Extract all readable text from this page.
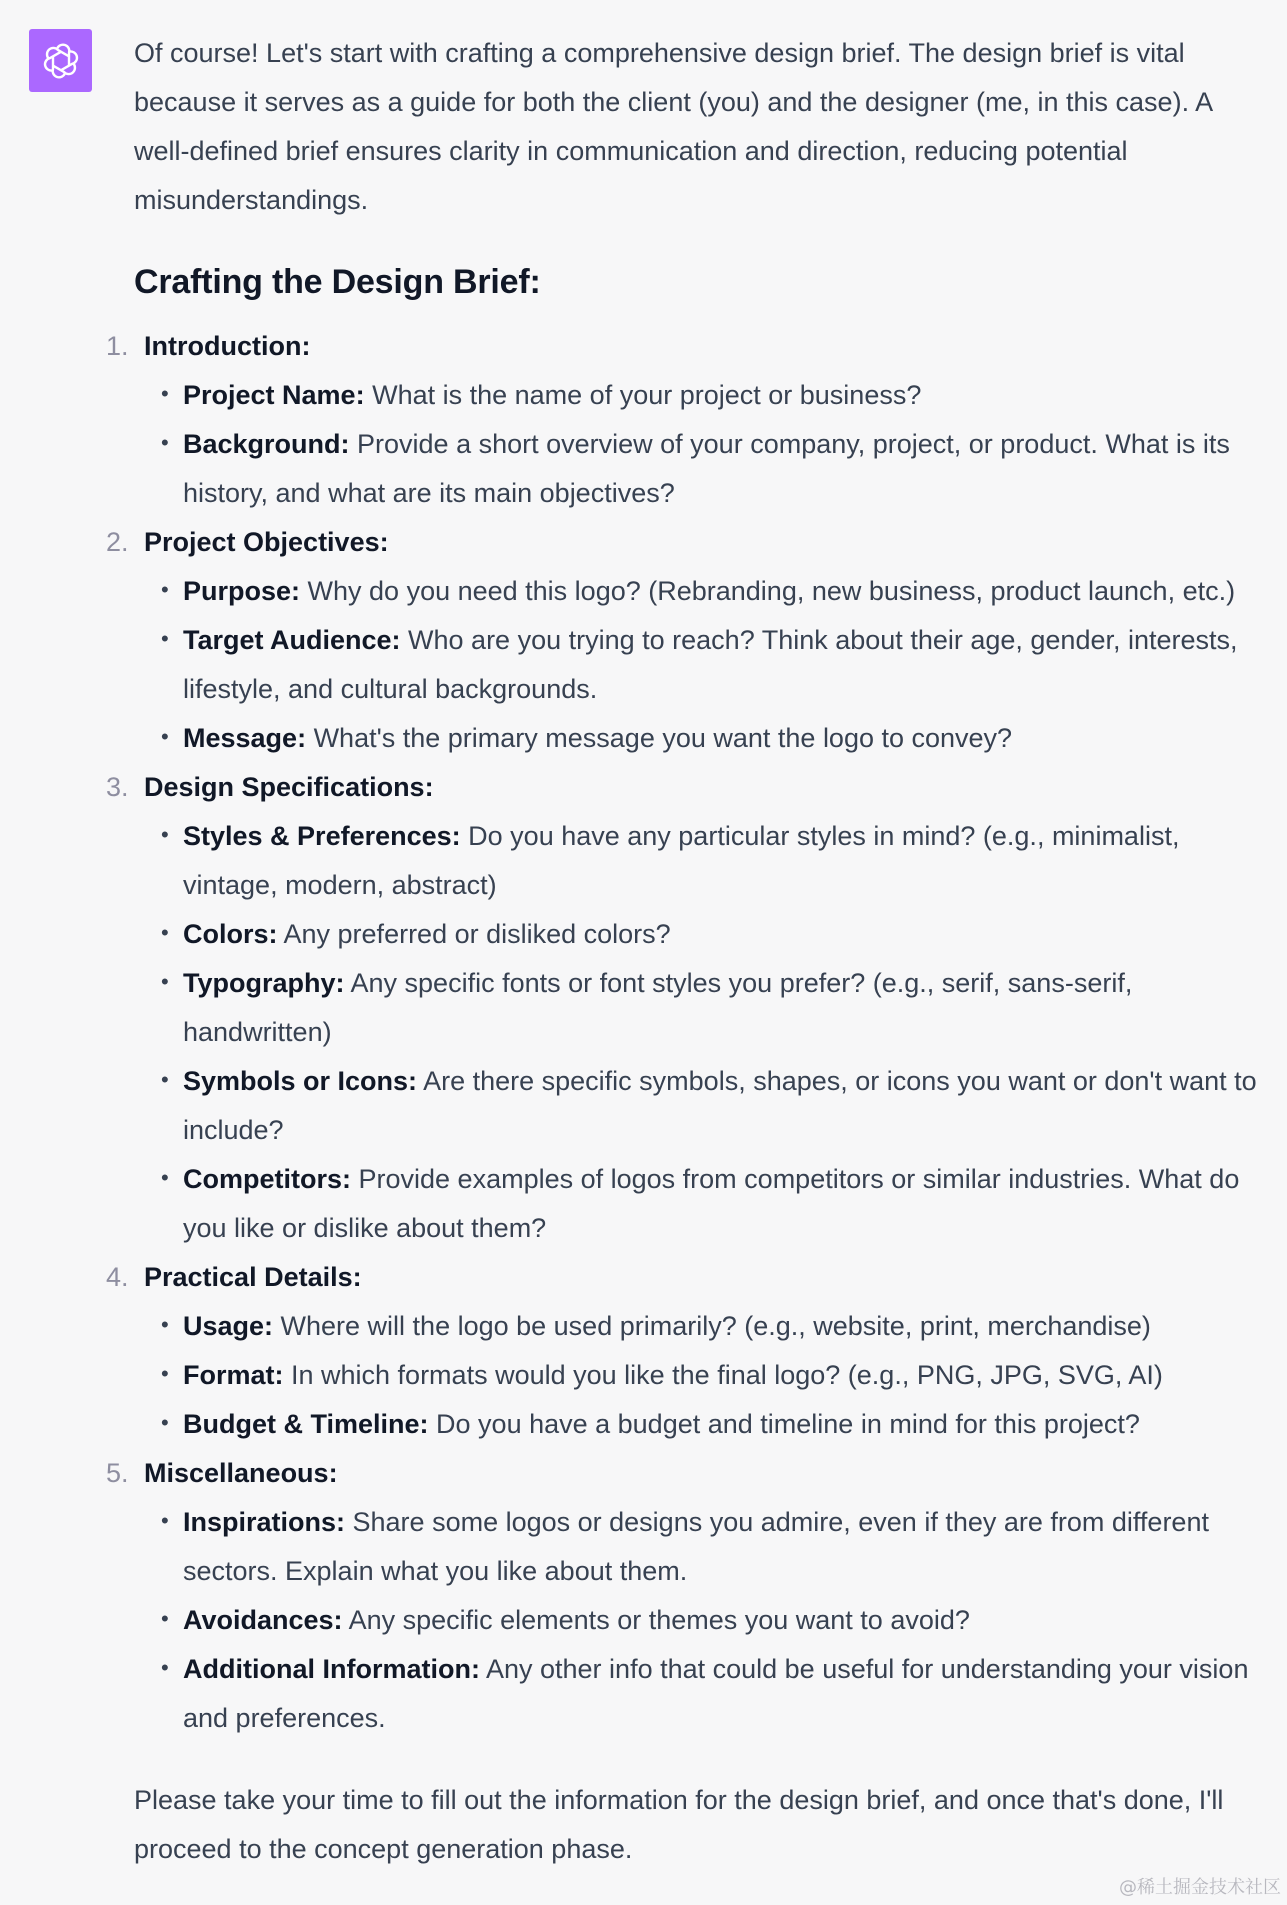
Of course! Let's start with crafting a comprehensive design brief. The design brief is vital because it serves as a guide for both the client (you) and the designer (me, in this case). A well-defined brief ensures clarity in communication and direction, reducing potential misunderstandings.

Crafting the Design Brief:
1. Introduction:
• Project Name: What is the name of your project or business?
• Background: Provide a short overview of your company, project, or product. What is its history, and what are its main objectives?
2. Project Objectives:
• Purpose: Why do you need this logo? (Rebranding, new business, product launch, etc.)
• Target Audience: Who are you trying to reach? Think about their age, gender, interests, lifestyle, and cultural backgrounds.
• Message: What's the primary message you want the logo to convey?
3. Design Specifications:
• Styles & Preferences: Do you have any particular styles in mind? (e.g., minimalist, vintage, modern, abstract)
• Colors: Any preferred or disliked colors?
• Typography: Any specific fonts or font styles you prefer? (e.g., serif, sans-serif, handwritten)
• Symbols or Icons: Are there specific symbols, shapes, or icons you want or don't want to include?
• Competitors: Provide examples of logos from competitors or similar industries. What do you like or dislike about them?
4. Practical Details:
• Usage: Where will the logo be used primarily? (e.g., website, print, merchandise)
• Format: In which formats would you like the final logo? (e.g., PNG, JPG, SVG, AI)
• Budget & Timeline: Do you have a budget and timeline in mind for this project?
5. Miscellaneous:
• Inspirations: Share some logos or designs you admire, even if they are from different sectors. Explain what you like about them.
• Avoidances: Any specific elements or themes you want to avoid?
• Additional Information: Any other info that could be useful for understanding your vision and preferences.

Please take your time to fill out the information for the design brief, and once that's done, I'll proceed to the concept generation phase.

@稀土掘金技术社区
